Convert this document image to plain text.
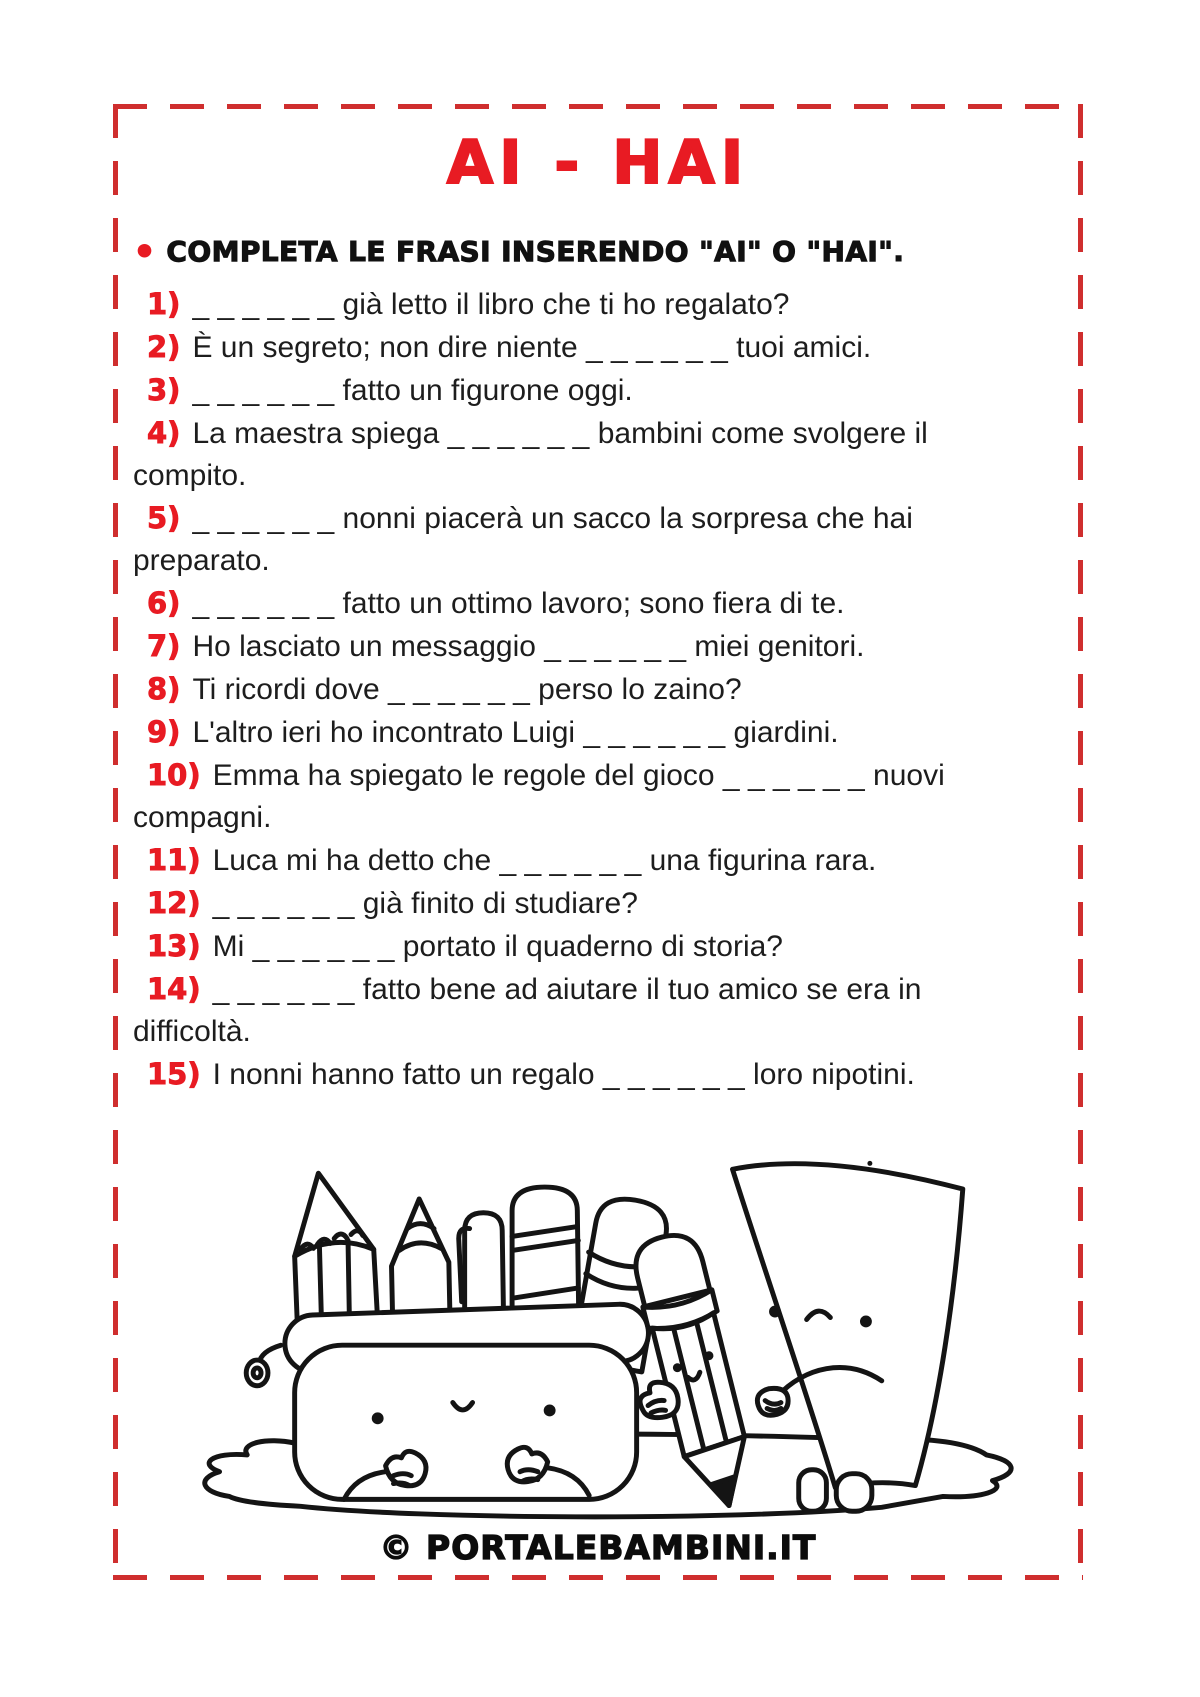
AI - HAI

• COMPLETA LE FRASI INSERENDO "AI" O "HAI".

1) _ _ _ _ _ _ già letto il libro che ti ho regalato?
2) È un segreto; non dire niente _ _ _ _ _ _ tuoi amici.
3) _ _ _ _ _ _ fatto un figurone oggi.
4) La maestra spiega _ _ _ _ _ _ bambini come svolgere il compito.
5) _ _ _ _ _ _ nonni piacerà un sacco la sorpresa che hai preparato.
6) _ _ _ _ _ _ fatto un ottimo lavoro; sono fiera di te.
7) Ho lasciato un messaggio _ _ _ _ _ _ miei genitori.
8) Ti ricordi dove _ _ _ _ _ _ perso lo zaino?
9) L'altro ieri ho incontrato Luigi _ _ _ _ _ _ giardini.
10) Emma ha spiegato le regole del gioco _ _ _ _ _ _ nuovi compagni.
11) Luca mi ha detto che _ _ _ _ _ _ una figurina rara.
12) _ _ _ _ _ _ già finito di studiare?
13) Mi _ _ _ _ _ _ portato il quaderno di storia?
14) _ _ _ _ _ _ fatto bene ad aiutare il tuo amico se era in difficoltà.
15) I nonni hanno fatto un regalo _ _ _ _ _ _ loro nipotini.
© PORTALEBAMBINI.IT
